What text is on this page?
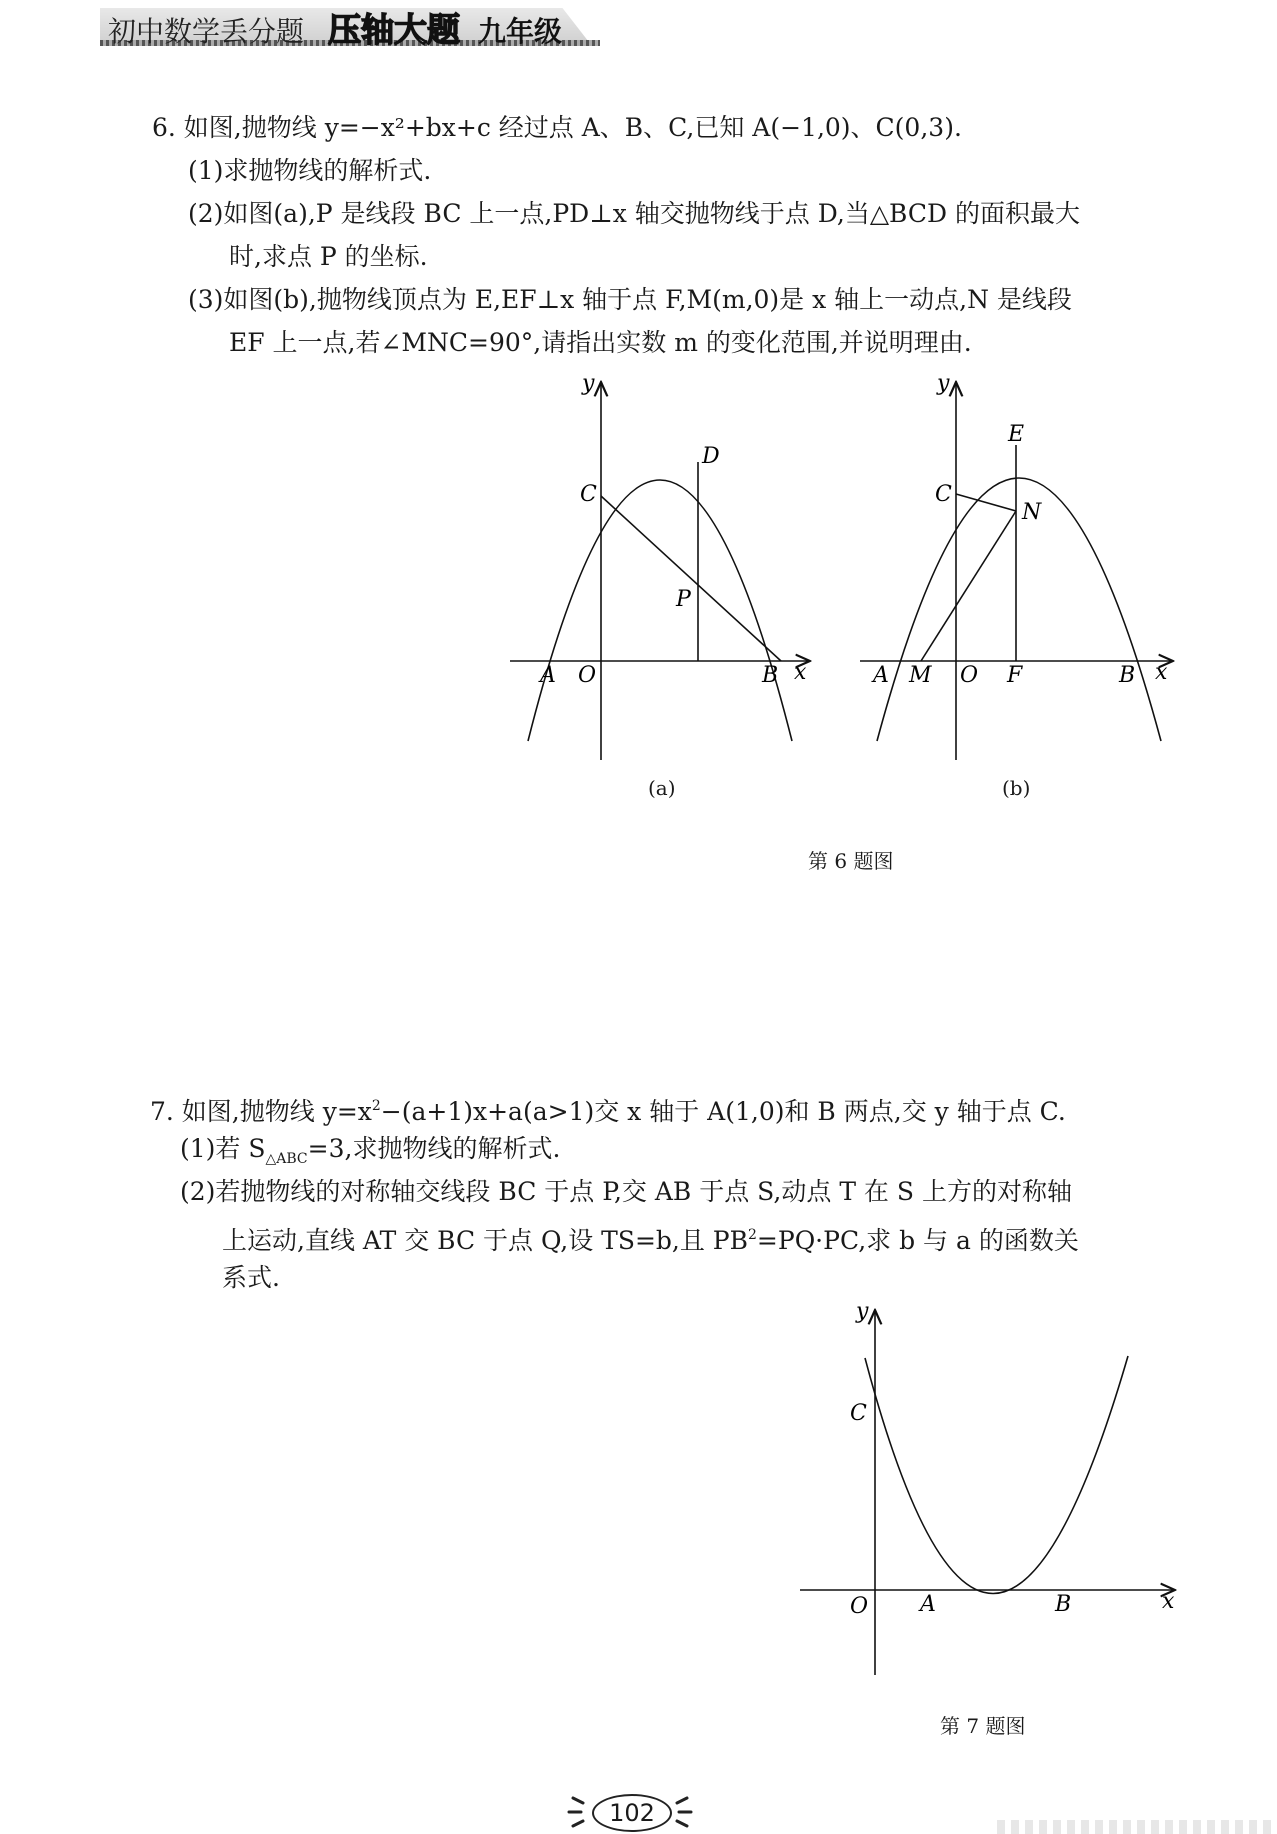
初中数学丢分题 压轴大题 九年级
6. 如图,抛物线 y=−x²+bx+c 经过点 A、B、C,已知 A(−1,0)、C(0,3).
(1)求抛物线的解析式.
(2)如图(a),P 是线段 BC 上一点,PD⊥x 轴交抛物线于点 D,当△BCD 的面积最大
时,求点 P 的坐标.
(3)如图(b),抛物线顶点为 E,EF⊥x 轴于点 F,M(m,0)是 x 轴上一动点,N 是线段
EF 上一点,若∠MNC=90°,请指出实数 m 的变化范围,并说明理由.
y
x
A O	B
C
D
P
(a)
y
x
A M O F	B
C
E
N
(b)
第 6 题图
7. 如图,抛物线 $y=x^2-(a+1)x+a(a>1)$交 x 轴于 A(1,0)和 B 两点,交 y 轴于点 C.
(1)若 $S_{\triangle ABC}=3$,求抛物线的解析式.
(2)若抛物线的对称轴交线段 BC 于点 P,交 AB 于点 S,动点 T 在 S 上方的对称轴
上运动,直线 AT 交 BC 于点 Q,设 TS=b,且 $PB^2=PQ\cdot PC$,求 b 与 a 的函数关
系式.
y
x
C
O A	B
第 7 题图
102
